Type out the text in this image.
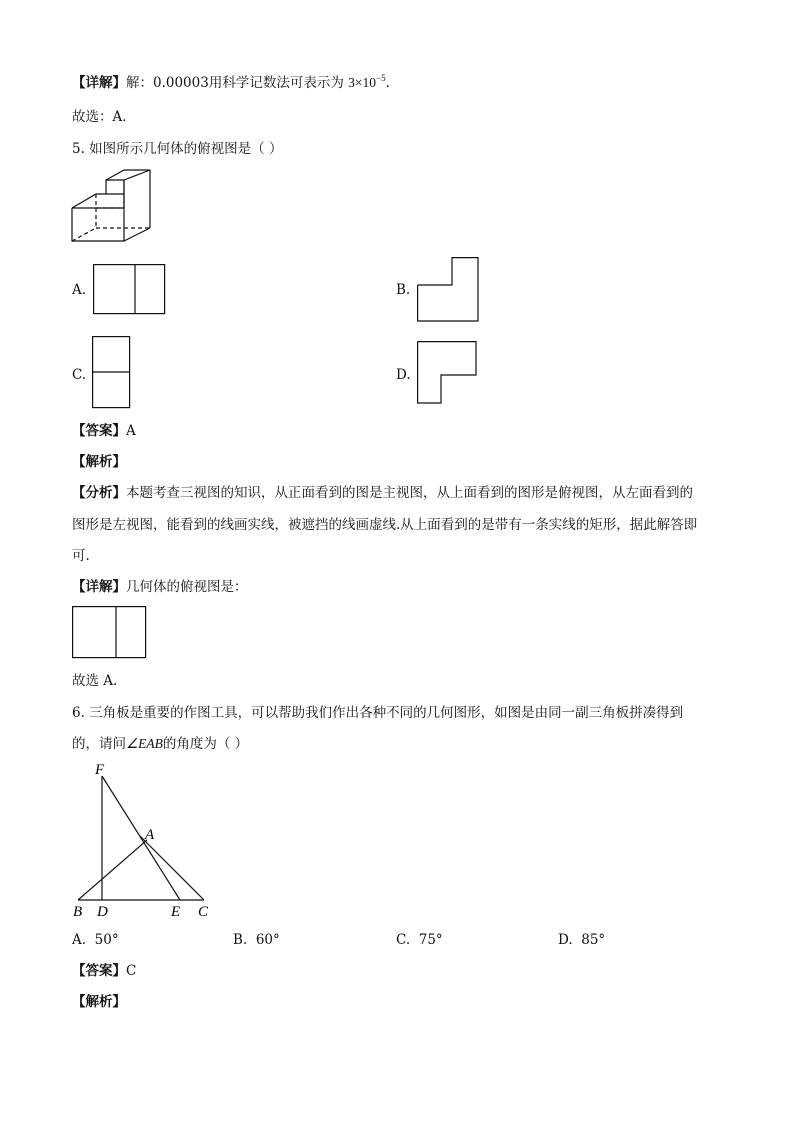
【详解】解：0.00003用科学记数法可表示为 $3\times 10^{-5}$.
故选：A．
5. 如图所示几何体的俯视图是（ ）
A.	B.
C.	D.
【答案】A
【解析】
【分析】本题考查三视图的知识，从正面看到的图是主视图，从上面看到的图形是俯视图，从左面看到的
图形是左视图，能看到的线画实线，被遮挡的线画虚线.从上面看到的是带有一条实线的矩形，据此解答即
可.
【详解】几何体的俯视图是：
故选 A.
6. 三角板是重要的作图工具，可以帮助我们作出各种不同的几何图形，如图是由同一副三角板拼凑得到
的，请问∠EAB的角度为（ ）
F
A
B D	E C
A. 50°	B. 60°	C. 75°	D. 85°
【答案】C
【解析】
